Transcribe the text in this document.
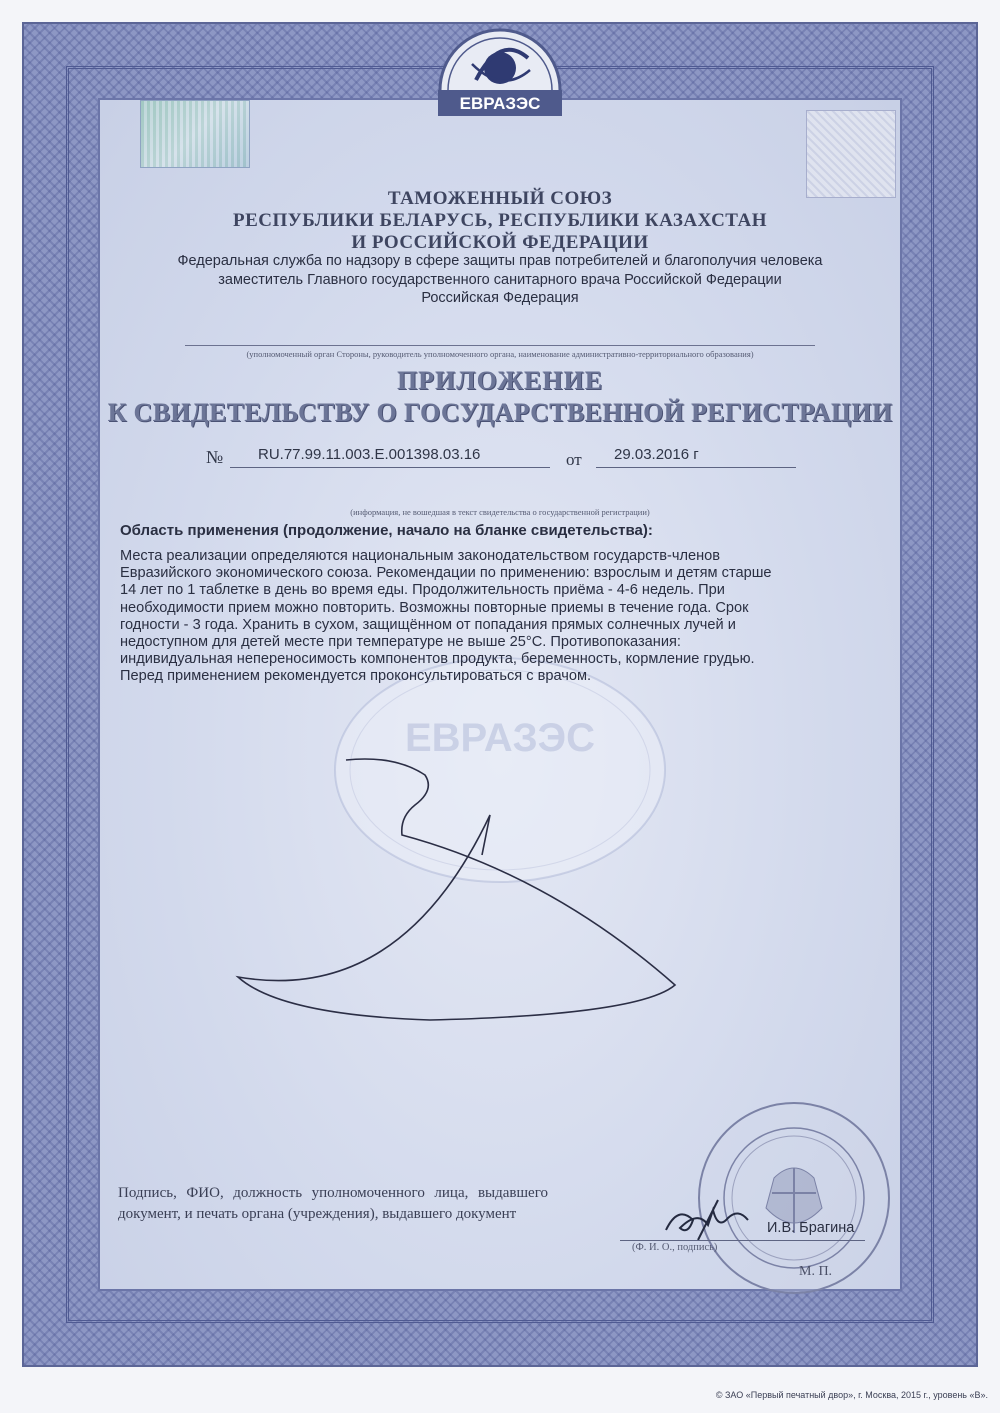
ЕВРАЗЭС
ТАМОЖЕННЫЙ СОЮЗ
РЕСПУБЛИКИ БЕЛАРУСЬ, РЕСПУБЛИКИ КАЗАХСТАН
И РОССИЙСКОЙ ФЕДЕРАЦИИ
Федеральная служба по надзору в сфере защиты прав потребителей и благополучия человека
заместитель Главного государственного санитарного врача Российской Федерации
Российская Федерация
(уполномоченный орган Стороны, руководитель уполномоченного органа, наименование административно-территориального образования)
ПРИЛОЖЕНИЕ
К СВИДЕТЕЛЬСТВУ О ГОСУДАРСТВЕННОЙ РЕГИСТРАЦИИ
№ RU.77.99.11.003.E.001398.03.16	от 29.03.2016 г
(информация, не вошедшая в текст свидетельства о государственной регистрации)
ЕВРАЗЭС
Область применения (продолжение, начало на бланке свидетельства):
Места реализации определяются национальным законодательством государств-членов
Евразийского экономического союза. Рекомендации по применению: взрослым и детям старше
14 лет по 1 таблетке в день во время еды. Продолжительность приёма - 4-6 недель. При
необходимости прием можно повторить. Возможны повторные приемы в течение года. Срок
годности - 3 года. Хранить в сухом, защищённом от попадания прямых солнечных лучей и
недоступном для детей месте при температуре не выше 25°C. Противопоказания:
индивидуальная непереносимость компонентов продукта, беременность, кормление грудью.
Перед применением рекомендуется проконсультироваться с врачом.
Подпись, ФИО, должность уполномоченного лица, выдавшего документ, и печать органа (учреждения), выдавшего документ
И.В. Брагина
(Ф. И. О., подпись)
М. П.
© ЗАО «Первый печатный двор», г. Москва, 2015 г., уровень «В».
